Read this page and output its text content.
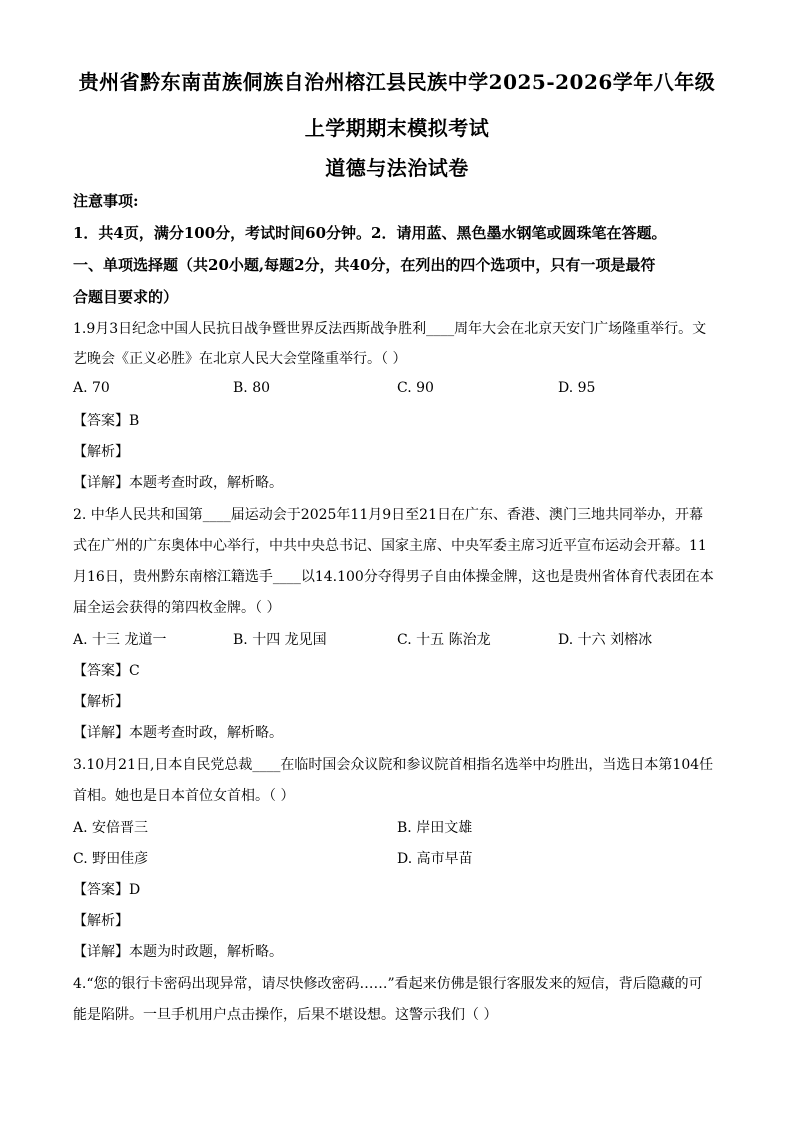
贵州省黔东南苗族侗族自治州榕江县民族中学2025-2026学年八年级
上学期期末模拟考试
道德与法治试卷
注意事项:
1．共4页，满分100分，考试时间60分钟。2．请用蓝、黑色墨水钢笔或圆珠笔在答题。
一、单项选择题（共20小题,每题2分，共40分，在列出的四个选项中，只有一项是最符
合题目要求的）
1.9月3日纪念中国人民抗日战争暨世界反法西斯战争胜利____周年大会在北京天安门广场隆重举行。文
艺晚会《正义必胜》在北京人民大会堂隆重举行。（ ）
A. 70	B. 80	C. 90	D. 95
【答案】B
【解析】
【详解】本题考查时政，解析略。
2. 中华人民共和国第____届运动会于2025年11月9日至21日在广东、香港、澳门三地共同举办，开幕
式在广州的广东奥体中心举行，中共中央总书记、国家主席、中央军委主席习近平宣布运动会开幕。11
月16日，贵州黔东南榕江籍选手____以14.100分夺得男子自由体操金牌，这也是贵州省体育代表团在本
届全运会获得的第四枚金牌。（ ）
A. 十三 龙道一	B. 十四 龙见国	C. 十五 陈治龙	D. 十六 刘榕冰
【答案】C
【解析】
【详解】本题考查时政，解析略。
3.10月21日,日本自民党总裁____在临时国会众议院和参议院首相指名选举中均胜出，当选日本第104任
首相。她也是日本首位女首相。（ ）
A. 安倍晋三	B. 岸田文雄
C. 野田佳彦	D. 高市早苗
【答案】D
【解析】
【详解】本题为时政题，解析略。
4.“您的银行卡密码出现异常，请尽快修改密码……”看起来仿佛是银行客服发来的短信，背后隐藏的可
能是陷阱。一旦手机用户点击操作，后果不堪设想。这警示我们（ ）
